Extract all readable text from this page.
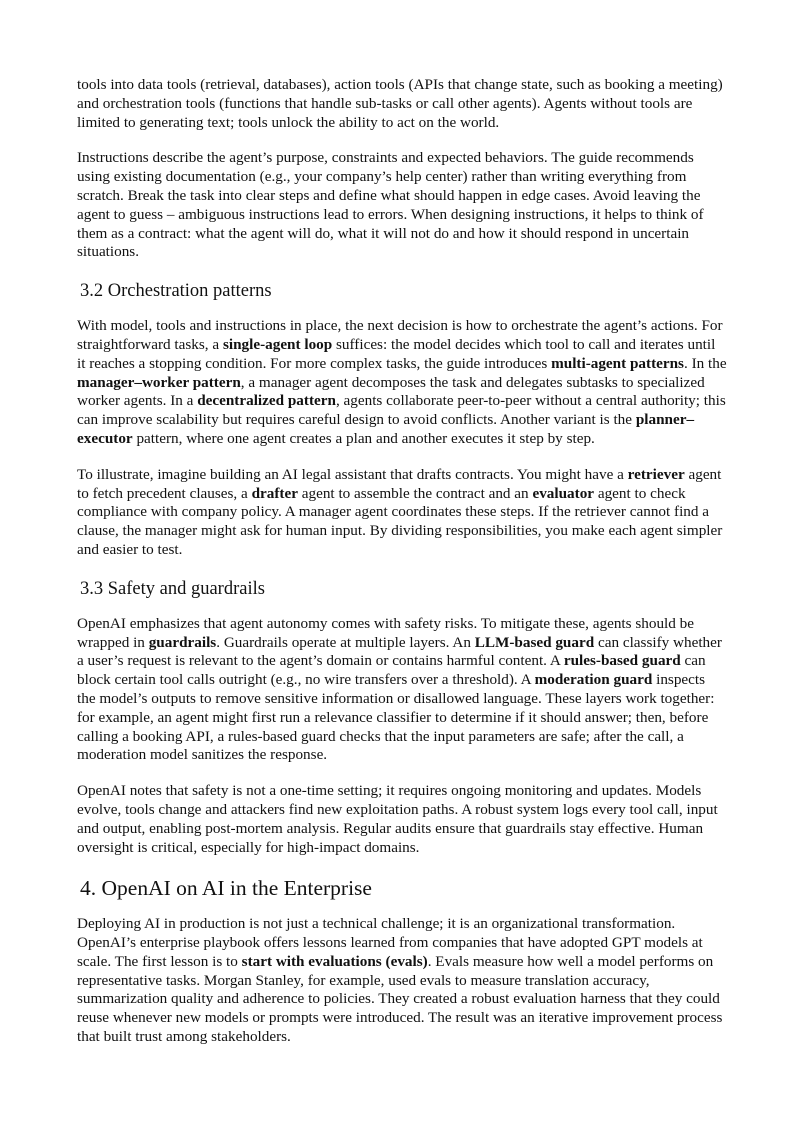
tools into data tools (retrieval, databases), action tools (APIs that change state, such as booking a meeting) and orchestration tools (functions that handle sub-tasks or call other agents). Agents without tools are limited to generating text; tools unlock the ability to act on the world.

Instructions describe the agent’s purpose, constraints and expected behaviors. The guide recommends using existing documentation (e.g., your company’s help center) rather than writing everything from scratch. Break the task into clear steps and define what should happen in edge cases. Avoid leaving the agent to guess – ambiguous instructions lead to errors. When designing instructions, it helps to think of them as a contract: what the agent will do, what it will not do and how it should respond in uncertain situations.

3.2 Orchestration patterns

With model, tools and instructions in place, the next decision is how to orchestrate the agent’s actions. For straightforward tasks, a single-agent loop suffices: the model decides which tool to call and iterates until it reaches a stopping condition. For more complex tasks, the guide introduces multi-agent patterns. In the manager–worker pattern, a manager agent decomposes the task and delegates subtasks to specialized worker agents. In a decentralized pattern, agents collaborate peer-to-peer without a central authority; this can improve scalability but requires careful design to avoid conflicts. Another variant is the planner–executor pattern, where one agent creates a plan and another executes it step by step.

To illustrate, imagine building an AI legal assistant that drafts contracts. You might have a retriever agent to fetch precedent clauses, a drafter agent to assemble the contract and an evaluator agent to check compliance with company policy. A manager agent coordinates these steps. If the retriever cannot find a clause, the manager might ask for human input. By dividing responsibilities, you make each agent simpler and easier to test.

3.3 Safety and guardrails

OpenAI emphasizes that agent autonomy comes with safety risks. To mitigate these, agents should be wrapped in guardrails. Guardrails operate at multiple layers. An LLM-based guard can classify whether a user’s request is relevant to the agent’s domain or contains harmful content. A rules-based guard can block certain tool calls outright (e.g., no wire transfers over a threshold). A moderation guard inspects the model’s outputs to remove sensitive information or disallowed language. These layers work together: for example, an agent might first run a relevance classifier to determine if it should answer; then, before calling a booking API, a rules-based guard checks that the input parameters are safe; after the call, a moderation model sanitizes the response.

OpenAI notes that safety is not a one-time setting; it requires ongoing monitoring and updates. Models evolve, tools change and attackers find new exploitation paths. A robust system logs every tool call, input and output, enabling post-mortem analysis. Regular audits ensure that guardrails stay effective. Human oversight is critical, especially for high-impact domains.

4. OpenAI on AI in the Enterprise

Deploying AI in production is not just a technical challenge; it is an organizational transformation. OpenAI’s enterprise playbook offers lessons learned from companies that have adopted GPT models at scale. The first lesson is to start with evaluations (evals). Evals measure how well a model performs on representative tasks. Morgan Stanley, for example, used evals to measure translation accuracy, summarization quality and adherence to policies. They created a robust evaluation harness that they could reuse whenever new models or prompts were introduced. The result was an iterative improvement process that built trust among stakeholders.
